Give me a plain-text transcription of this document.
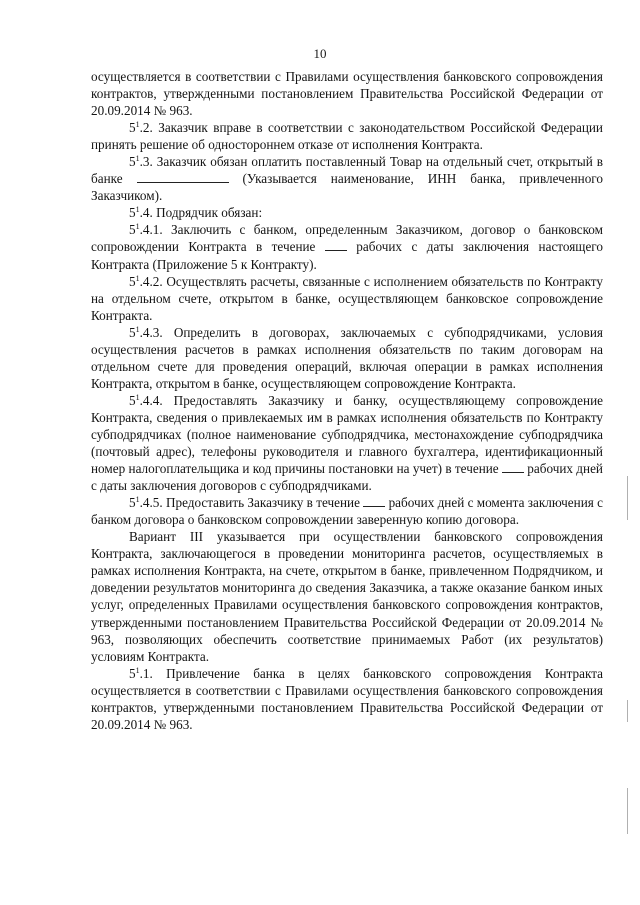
10

осуществляется в соответствии с Правилами осуществления банковского сопровождения контрактов, утвержденными постановлением Правительства Российской Федерации от 20.09.2014 № 963.

$5^1.2$. Заказчик вправе в соответствии с законодательством Российской Федерации принять решение об одностороннем отказе от исполнения Контракта.

$5^1.3$. Заказчик обязан оплатить поставленный Товар на отдельный счет, открытый в банке	(Указывается наименование, ИНН банка, привлеченного Заказчиком).

$5^1.4$. Подрядчик обязан:

$5^1.4.1$. Заключить с банком, определенным Заказчиком, договор о банковском сопровождении Контракта в течение  рабочих с даты заключения настоящего Контракта (Приложение 5 к Контракту).

$5^1.4.2$. Осуществлять расчеты, связанные с исполнением обязательств по Контракту на отдельном счете, открытом в банке, осуществляющем банковское сопровождение Контракта.

$5^1.4.3$. Определить в договорах, заключаемых с субподрядчиками, условия осуществления расчетов в рамках исполнения обязательств по таким договорам на отдельном счете для проведения операций, включая операции в рамках исполнения Контракта, открытом в банке, осуществляющем сопровождение Контракта.

$5^1.4.4$. Предоставлять Заказчику и банку, осуществляющему сопровождение Контракта, сведения о привлекаемых им в рамках исполнения обязательств по Контракту субподрядчиках (полное наименование субподрядчика, местонахождение субподрядчика (почтовый адрес), телефоны руководителя и главного бухгалтера, идентификационный номер налогоплательщика и код причины постановки на учет) в течение  рабочих дней с даты заключения договоров с субподрядчиками.

$5^1.4.5$. Предоставить Заказчику в течение  рабочих дней с момента заключения с банком договора о банковском сопровождении заверенную копию договора.

Вариант III указывается при осуществлении банковского сопровождения Контракта, заключающегося в проведении мониторинга расчетов, осуществляемых в рамках исполнения Контракта, на счете, открытом в банке, привлеченном Подрядчиком, и доведении результатов мониторинга до сведения Заказчика, а также оказание банком иных услуг, определенных Правилами осуществления банковского сопровождения контрактов, утвержденными постановлением Правительства Российской Федерации от 20.09.2014 № 963, позволяющих обеспечить соответствие принимаемых Работ (их результатов) условиям Контракта.

$5^1.1$. Привлечение банка в целях банковского сопровождения Контракта осуществляется в соответствии с Правилами осуществления банковского сопровождения контрактов, утвержденными постановлением Правительства Российской Федерации от 20.09.2014 № 963.
